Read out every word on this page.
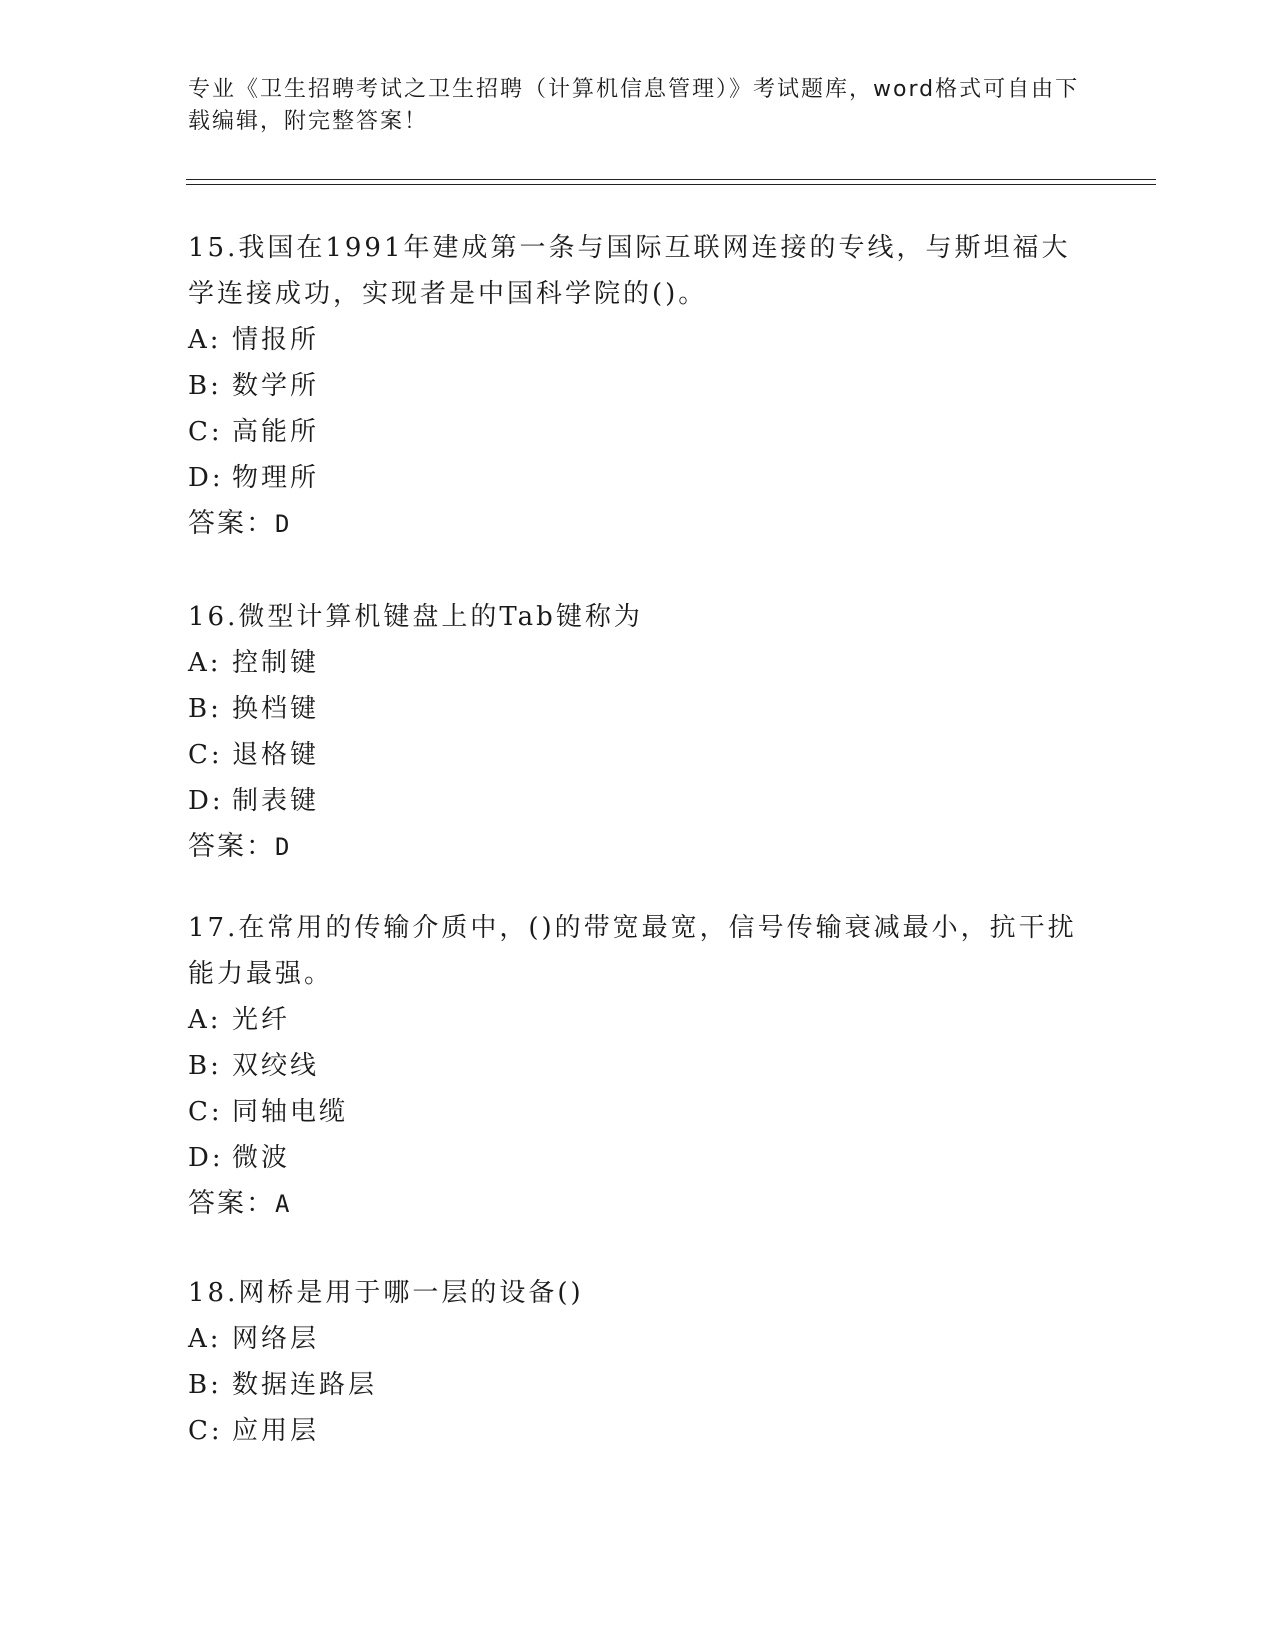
专业《卫生招聘考试之卫生招聘（计算机信息管理）》考试题库，word格式可自由下载编辑，附完整答案！
15.我国在1991年建成第一条与国际互联网连接的专线，与斯坦福大学连接成功，实现者是中国科学院的()。
A: 情报所
B: 数学所
C: 高能所
D: 物理所
答案：D
16.微型计算机键盘上的Tab键称为
A: 控制键
B: 换档键
C: 退格键
D: 制表键
答案：D
17.在常用的传输介质中，()的带宽最宽，信号传输衰减最小，抗干扰能力最强。
A: 光纤
B: 双绞线
C: 同轴电缆
D: 微波
答案：A
18.网桥是用于哪一层的设备()
A: 网络层
B: 数据连路层
C: 应用层
